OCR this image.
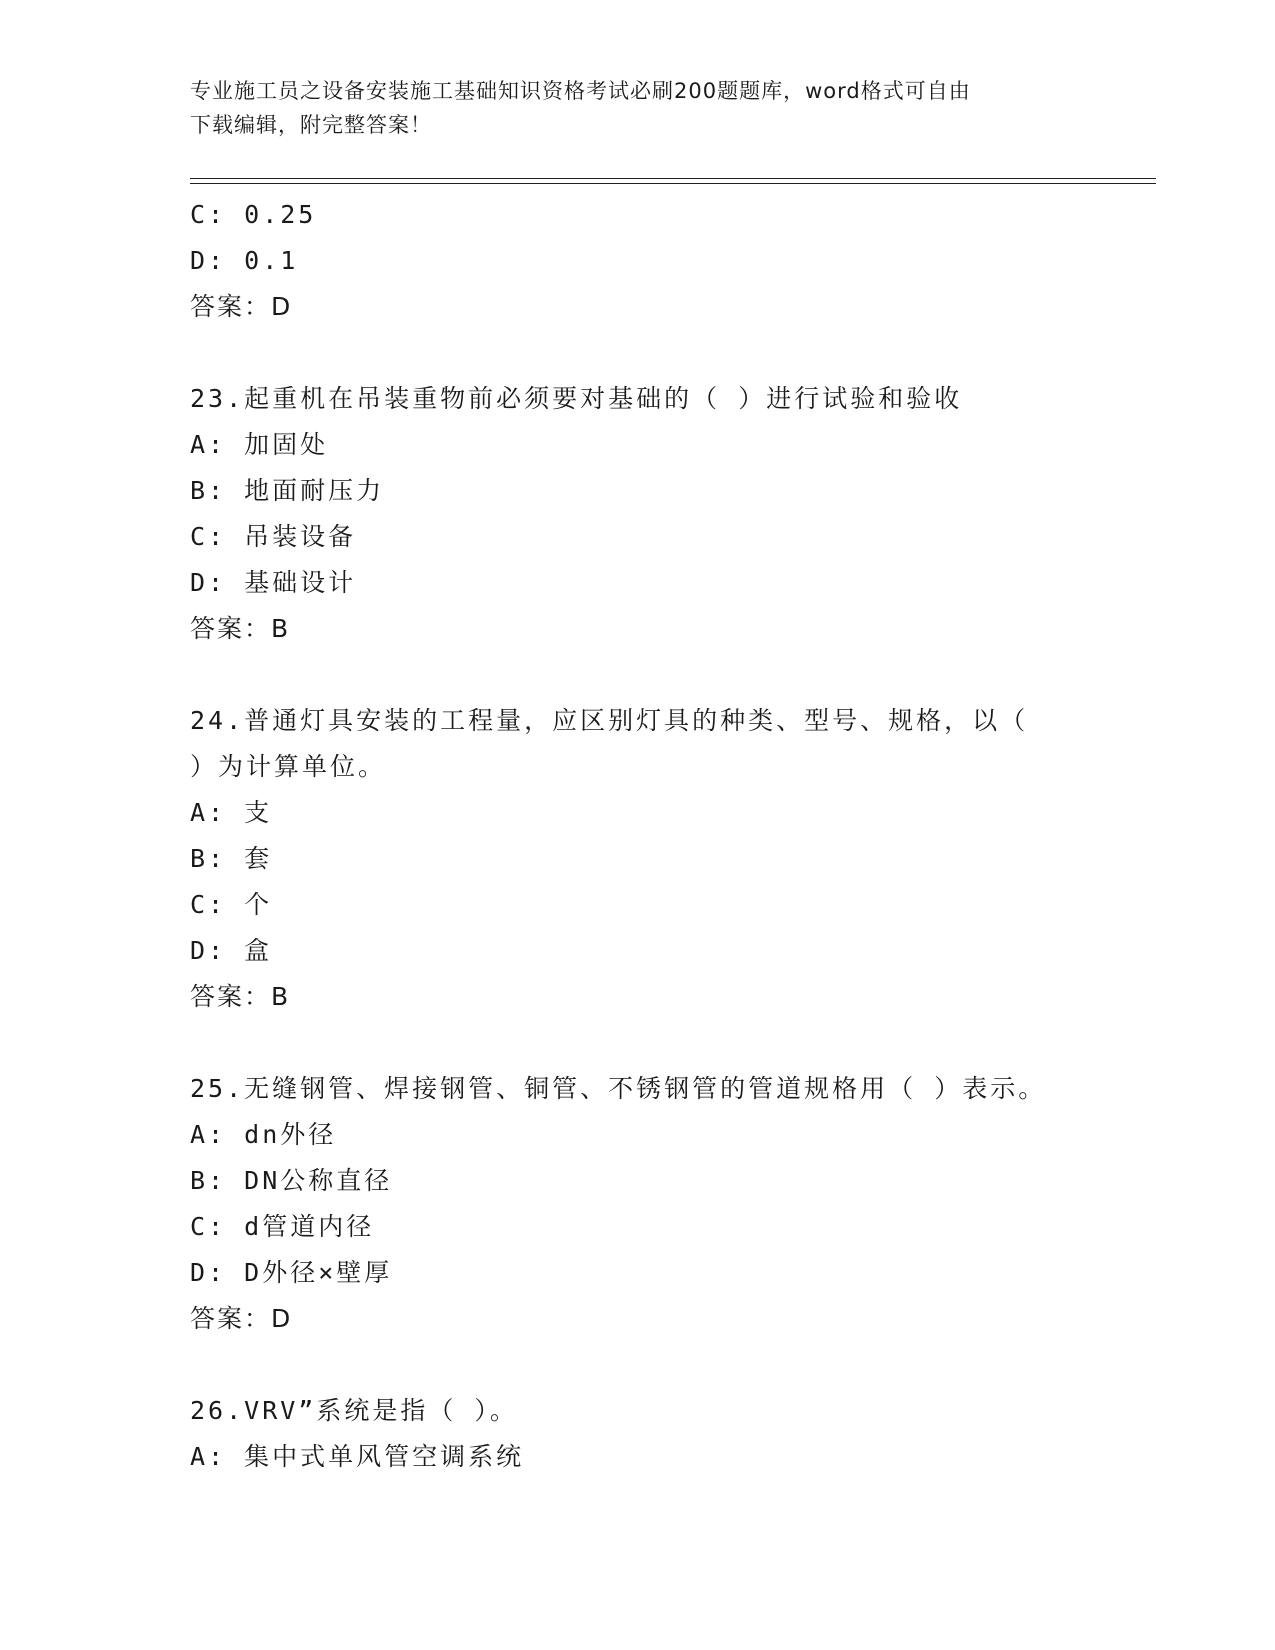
专业施工员之设备安装施工基础知识资格考试必刷200题题库，word格式可自由
下载编辑，附完整答案！
C: 0.25
D: 0.1
答案：D
23.起重机在吊装重物前必须要对基础的（ ）进行试验和验收
A: 加固处
B: 地面耐压力
C: 吊装设备
D: 基础设计
答案：B
24.普通灯具安装的工程量，应区别灯具的种类、型号、规格，以（
）为计算单位。
A: 支
B: 套
C: 个
D: 盒
答案：B
25.无缝钢管、焊接钢管、铜管、不锈钢管的管道规格用（ ）表示。
A: dn外径
B: DN公称直径
C: d管道内径
D: D外径×壁厚
答案：D
26.VRV”系统是指（ ）。
A: 集中式单风管空调系统
